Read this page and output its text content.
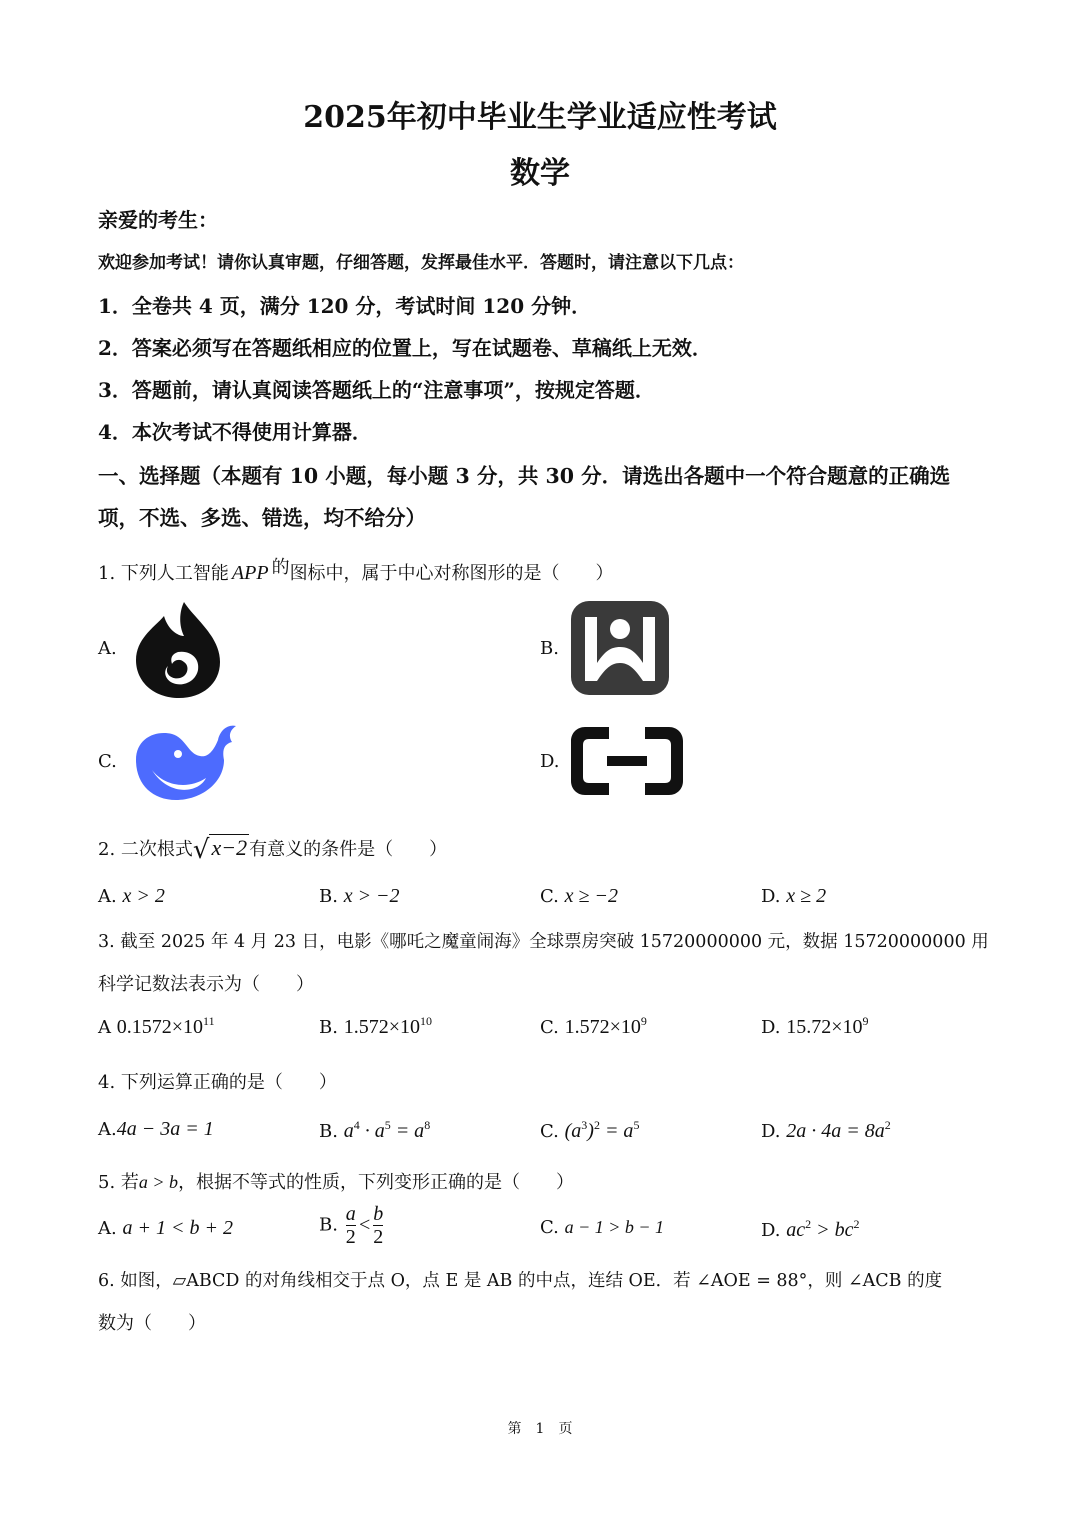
2025年初中毕业生学业适应性考试
数学
亲爱的考生：
欢迎参加考试！请你认真审题，仔细答题，发挥最佳水平．答题时，请注意以下几点：
1．全卷共 4 页，满分 120 分，考试时间 120 分钟．
2．答案必须写在答题纸相应的位置上，写在试题卷、草稿纸上无效．
3．答题前，请认真阅读答题纸上的“注意事项”，按规定答题．
4．本次考试不得使用计算器．
一、选择题（本题有 10 小题，每小题 3 分，共 30 分．请选出各题中一个符合题意的正确选
项，不选、多选、错选，均不给分）
1. 下列人工智能 APP 的图标中，属于中心对称图形的是（　　）
A.	B.
C.	D.
2. 二次根式√x−2 有意义的条件是（　　）
A. x > 2	B. x > −2	C. x ≥ −2	D. x ≥ 2
3. 截至 2025 年 4 月 23 日，电影《哪吒之魔童闹海》全球票房突破 15720000000 元，数据 15720000000 用
科学记数法表示为（　　）
A $0.1572\times 10^{11}$	B. $1.572\times 10^{10}$	C. $1.572\times 10^9$	D. $15.72\times 10^9$
4. 下列运算正确的是（　　）
A.4a − 3a = 1	B. $a^4 \cdot a^5 = a^8$	C. $(a^3)^2 = a^5$	D. $2a \cdot 4a = 8a^2$
5. 若a > b，根据不等式的性质，下列变形正确的是（　　）
A. a + 1 < b + 2	B. $\frac{a}{2} < \frac{b}{2}$	C. a − 1 > b − 1	D. $ac^2 > bc^2$
6. 如图，▱ABCD 的对角线相交于点 O，点 E 是 AB 的中点，连结 OE．若 ∠AOE = 88°，则 ∠ACB 的度
数为（　　）
第　1　页
